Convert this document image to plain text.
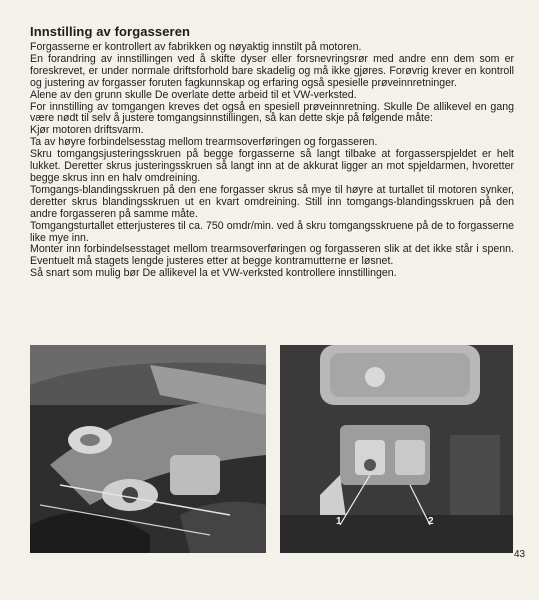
Innstilling av forgasseren

Forgasserne er kontrollert av fabrikken og nøyaktig innstilt på motoren.

En forandring av innstillingen ved å skifte dyser eller forsnevringsrør med andre enn dem som er foreskrevet, er under normale driftsforhold bare skadelig og må ikke gjøres. Forøvrig krever en kontroll og justering av forgasser foruten fagkunnskap og erfaring også spesielle prøveinnretninger.

Alene av den grunn skulle De overlate dette arbeid til et VW-verksted.

For innstilling av tomgangen kreves det også en spesiell prøveinnretning. Skulle De allikevel en gang være nødt til selv å justere tomgangsinnstillingen, så kan dette skje på følgende måte:

Kjør motoren driftsvarm.

Ta av høyre forbindelsesstag mellom trearmsoverføringen og forgasseren.

Skru tomgangsjusteringsskruen på begge forgasserne så langt tilbake at forgasserspjeldet er helt lukket. Deretter skrus justeringsskruen så langt inn at de akkurat ligger an mot spjeldarmen, hvoretter begge skrus inn en halv omdreining.

Tomgangs-blandingsskruen på den ene forgasser skrus så mye til høyre at turtallet til motoren synker, deretter skrus blandingsskruen ut en kvart omdreining. Still inn tomgangs-blandingsskruen på den andre forgasseren på samme måte.

Tomgangsturtallet etterjusteres til ca. 750 omdr/min. ved å skru tomgangsskruene på de to forgasserne like mye inn.

Monter inn forbindelsesstaget mellom trearmsoverføringen og forgasseren slik at det ikke står i spenn. Eventuelt må stagets lengde justeres etter at begge kontramutterne er løsnet.

Så snart som mulig bør De allikevel la et VW-verksted kontrollere innstillingen.

1	2
43
